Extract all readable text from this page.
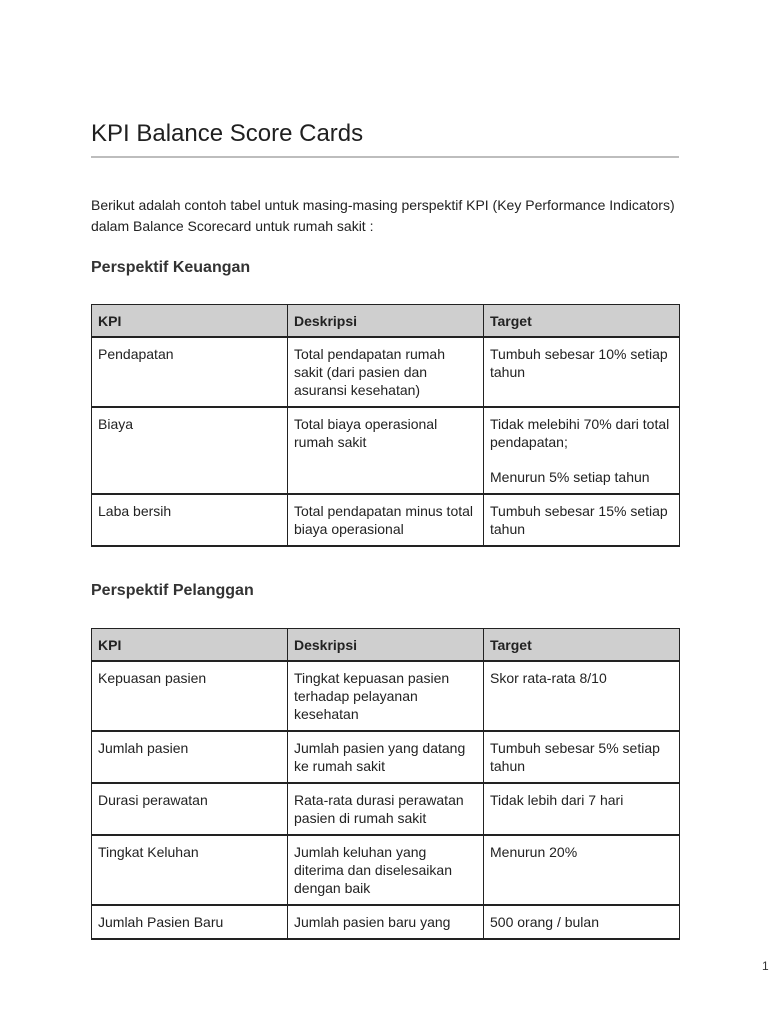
KPI Balance Score Cards

Berikut adalah contoh tabel untuk masing-masing perspektif KPI (Key Performance Indicators) dalam Balance Scorecard untuk rumah sakit :

Perspektif Keuangan
KPI	Deskripsi	Target
Pendapatan	Total pendapatan rumah sakit (dari pasien dan asuransi kesehatan)	Tumbuh sebesar 10% setiap tahun

Biaya	Total biaya operasional rumah sakit	Tidak melebihi 70% dari total pendapatan;
Menurun 5% setiap tahun

Laba bersih	Total pendapatan minus total biaya operasional	Tumbuh sebesar 15% setiap tahun
Perspektif Pelanggan
KPI	Deskripsi	Target
Kepuasan pasien	Tingkat kepuasan pasien terhadap pelayanan kesehatan	Skor rata-rata 8/10

Jumlah pasien	Jumlah pasien yang datang ke rumah sakit	Tumbuh sebesar 5% setiap tahun

Durasi perawatan	Rata-rata durasi perawatan pasien di rumah sakit	Tidak lebih dari 7 hari

Tingkat Keluhan	Jumlah keluhan yang diterima dan diselesaikan dengan baik	Menurun 20%

Jumlah Pasien Baru	Jumlah pasien baru yang	500 orang / bulan
1
